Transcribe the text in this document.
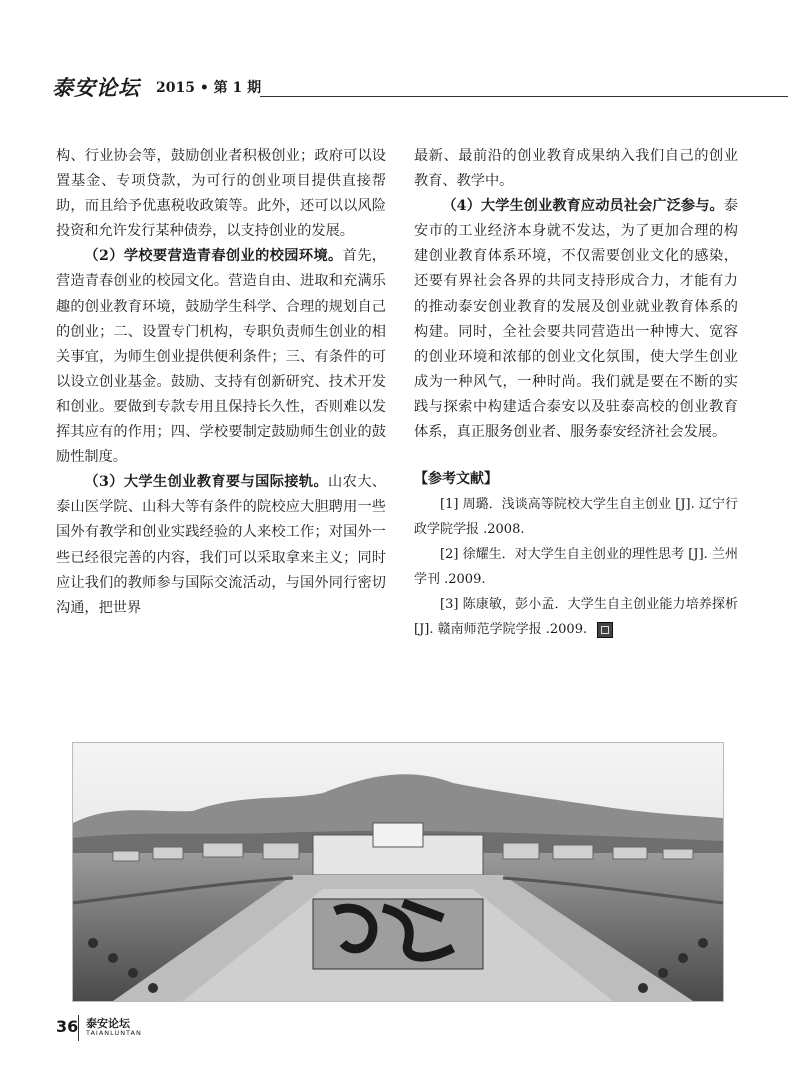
泰安论坛 2015 • 第 1 期

构、行业协会等，鼓励创业者积极创业；政府可以设置基金、专项贷款，为可行的创业项目提供直接帮助，而且给予优惠税收政策等。此外，还可以以风险投资和允许发行某种债券，以支持创业的发展。

（2）学校要营造青春创业的校园环境。首先，营造青春创业的校园文化。营造自由、进取和充满乐趣的创业教育环境，鼓励学生科学、合理的规划自己的创业；二、设置专门机构，专职负责师生创业的相关事宜，为师生创业提供便利条件；三、有条件的可以设立创业基金。鼓励、支持有创新研究、技术开发和创业。要做到专款专用且保持长久性，否则难以发挥其应有的作用；四、学校要制定鼓励师生创业的鼓励性制度。

（3）大学生创业教育要与国际接轨。山农大、泰山医学院、山科大等有条件的院校应大胆聘用一些国外有教学和创业实践经验的人来校工作；对国外一些已经很完善的内容，我们可以采取拿来主义；同时应让我们的教师参与国际交流活动，与国外同行密切沟通，把世界

最新、最前沿的创业教育成果纳入我们自己的创业教育、教学中。

（4）大学生创业教育应动员社会广泛参与。泰安市的工业经济本身就不发达，为了更加合理的构建创业教育体系环境，不仅需要创业文化的感染，还要有界社会各界的共同支持形成合力，才能有力的推动泰安创业教育的发展及创业就业教育体系的构建。同时，全社会要共同营造出一种博大、宽容的创业环境和浓郁的创业文化氛围，使大学生创业成为一种风气，一种时尚。我们就是要在不断的实践与探索中构建适合泰安以及驻泰高校的创业教育体系，真正服务创业者、服务泰安经济社会发展。

【参考文献】

[1] 周璐．浅谈高等院校大学生自主创业 [J]. 辽宁行政学院学报 .2008.

[2] 徐耀生．对大学生自主创业的理性思考 [J]. 兰州学刊 .2009.

[3] 陈康敏，彭小孟．大学生自主创业能力培养探析 [J]. 赣南师范学院学报 .2009.

36 泰安论坛
TAIANLUNTAN
